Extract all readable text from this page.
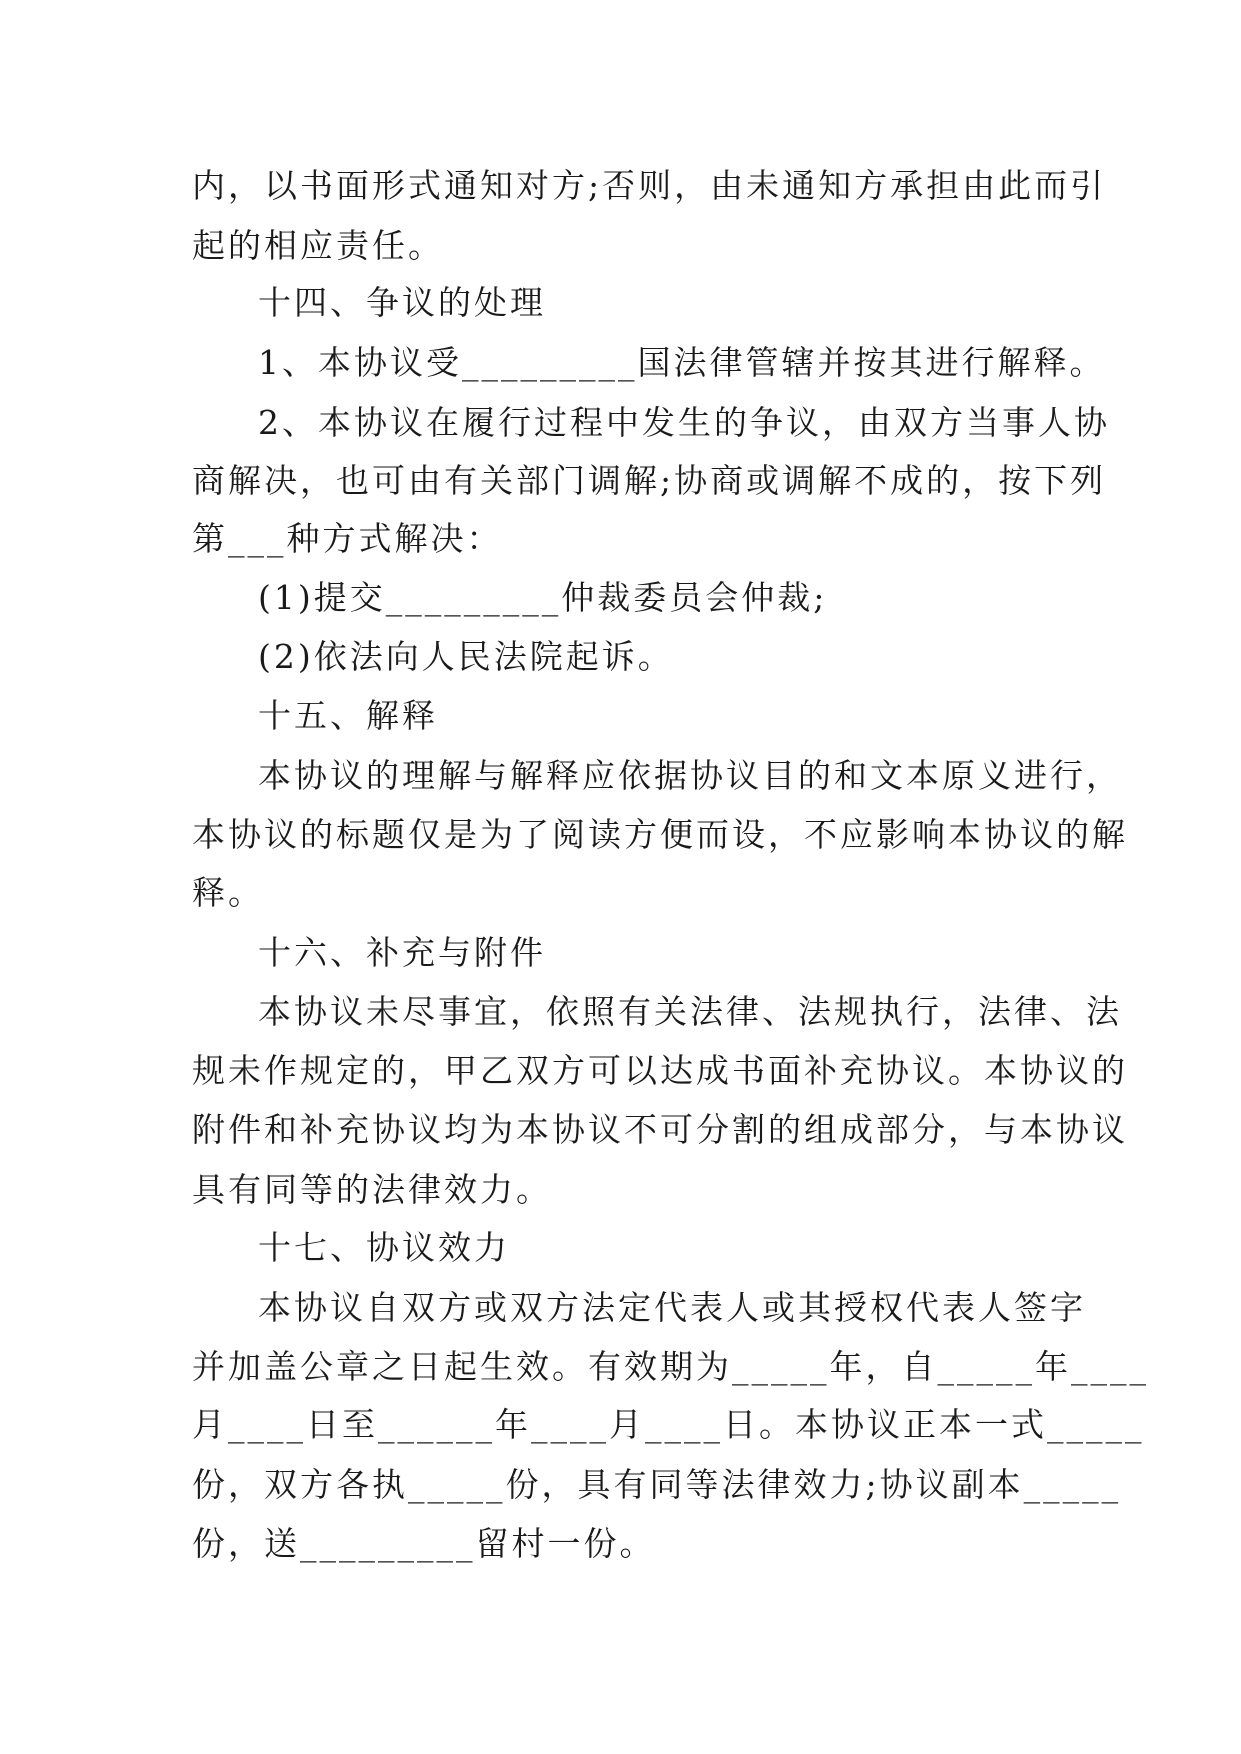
内，以书面形式通知对方;否则，由未通知方承担由此而引

起的相应责任。

十四、争议的处理

1、本协议受_________国法律管辖并按其进行解释。

2、本协议在履行过程中发生的争议，由双方当事人协

商解决，也可由有关部门调解;协商或调解不成的，按下列

第___种方式解决：

(1)提交_________仲裁委员会仲裁;

(2)依法向人民法院起诉。

十五、解释

本协议的理解与解释应依据协议目的和文本原义进行，

本协议的标题仅是为了阅读方便而设，不应影响本协议的解

释。

十六、补充与附件

本协议未尽事宜，依照有关法律、法规执行，法律、法

规未作规定的，甲乙双方可以达成书面补充协议。本协议的

附件和补充协议均为本协议不可分割的组成部分，与本协议

具有同等的法律效力。

十七、协议效力

本协议自双方或双方法定代表人或其授权代表人签字

并加盖公章之日起生效。有效期为_____年，自_____年____

月____日至______年____月____日。本协议正本一式_____

份，双方各执_____份，具有同等法律效力;协议副本_____

份，送_________留村一份。
